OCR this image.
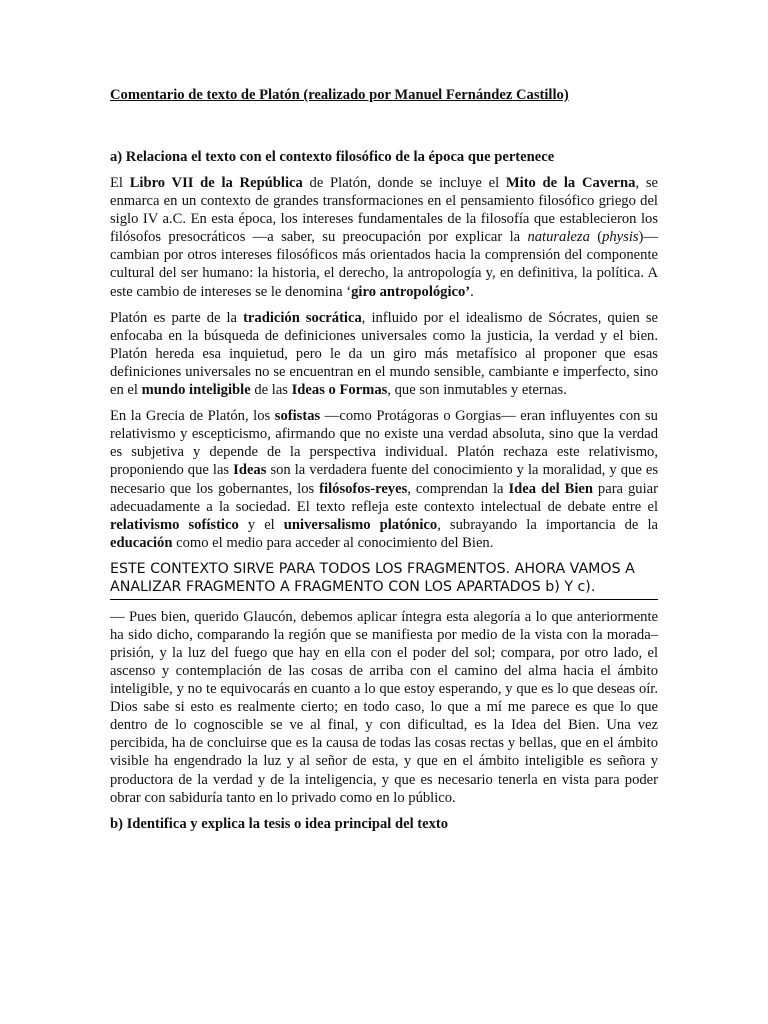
Comentario de texto de Platón (realizado por Manuel Fernández Castillo)
a) Relaciona el texto con el contexto filosófico de la época que pertenece

El Libro VII de la República de Platón, donde se incluye el Mito de la Caverna, se enmarca en un contexto de grandes transformaciones en el pensamiento filosófico griego del siglo IV a.C. En esta época, los intereses fundamentales de la filosofía que establecieron los filósofos presocráticos —a saber, su preocupación por explicar la naturaleza (physis)— cambian por otros intereses filosóficos más orientados hacia la comprensión del componente cultural del ser humano: la historia, el derecho, la antropología y, en definitiva, la política. A este cambio de intereses se le denomina ‘giro antropológico’.

Platón es parte de la tradición socrática, influido por el idealismo de Sócrates, quien se enfocaba en la búsqueda de definiciones universales como la justicia, la verdad y el bien. Platón hereda esa inquietud, pero le da un giro más metafísico al proponer que esas definiciones universales no se encuentran en el mundo sensible, cambiante e imperfecto, sino en el mundo inteligible de las Ideas o Formas, que son inmutables y eternas.

En la Grecia de Platón, los sofistas —como Protágoras o Gorgias— eran influyentes con su relativismo y escepticismo, afirmando que no existe una verdad absoluta, sino que la verdad es subjetiva y depende de la perspectiva individual. Platón rechaza este relativismo, proponiendo que las Ideas son la verdadera fuente del conocimiento y la moralidad, y que es necesario que los gobernantes, los filósofos-reyes, comprendan la Idea del Bien para guiar adecuadamente a la sociedad. El texto refleja este contexto intelectual de debate entre el relativismo sofístico y el universalismo platónico, subrayando la importancia de la educación como el medio para acceder al conocimiento del Bien.

ESTE CONTEXTO SIRVE PARA TODOS LOS FRAGMENTOS. AHORA VAMOS A ANALIZAR FRAGMENTO A FRAGMENTO CON LOS APARTADOS b) Y c).

— Pues bien, querido Glaucón, debemos aplicar íntegra esta alegoría a lo que anteriormente ha sido dicho, comparando la región que se manifiesta por medio de la vista con la morada–prisión, y la luz del fuego que hay en ella con el poder del sol; compara, por otro lado, el ascenso y contemplación de las cosas de arriba con el camino del alma hacia el ámbito inteligible, y no te equivocarás en cuanto a lo que estoy esperando, y que es lo que deseas oír. Dios sabe si esto es realmente cierto; en todo caso, lo que a mí me parece es que lo que dentro de lo cognoscible se ve al final, y con dificultad, es la Idea del Bien. Una vez percibida, ha de concluirse que es la causa de todas las cosas rectas y bellas, que en el ámbito visible ha engendrado la luz y al señor de esta, y que en el ámbito inteligible es señora y productora de la verdad y de la inteligencia, y que es necesario tenerla en vista para poder obrar con sabiduría tanto en lo privado como en lo público.

b) Identifica y explica la tesis o idea principal del texto
